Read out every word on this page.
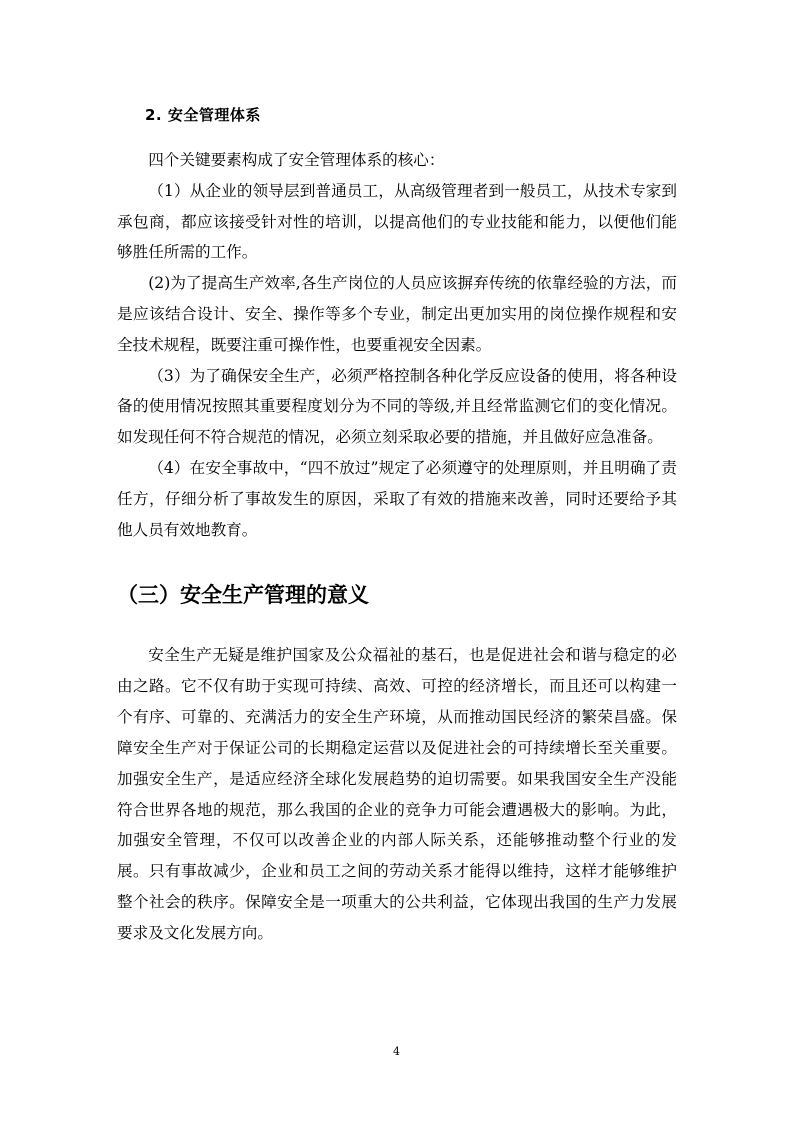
2. 安全管理体系

四个关键要素构成了安全管理体系的核心：

（1）从企业的领导层到普通员工，从高级管理者到一般员工，从技术专家到承包商，都应该接受针对性的培训，以提高他们的专业技能和能力，以便他们能够胜任所需的工作。

(2)为了提高生产效率,各生产岗位的人员应该摒弃传统的依靠经验的方法，而是应该结合设计、安全、操作等多个专业，制定出更加实用的岗位操作规程和安全技术规程，既要注重可操作性，也要重视安全因素。

（3）为了确保安全生产，必须严格控制各种化学反应设备的使用，将各种设备的使用情况按照其重要程度划分为不同的等级,并且经常监测它们的变化情况。如发现任何不符合规范的情况，必须立刻采取必要的措施，并且做好应急准备。

（4）在安全事故中，“四不放过”规定了必须遵守的处理原则，并且明确了责任方，仔细分析了事故发生的原因，采取了有效的措施来改善，同时还要给予其他人员有效地教育。

（三）安全生产管理的意义

安全生产无疑是维护国家及公众福祉的基石，也是促进社会和谐与稳定的必由之路。它不仅有助于实现可持续、高效、可控的经济增长，而且还可以构建一个有序、可靠的、充满活力的安全生产环境，从而推动国民经济的繁荣昌盛。保障安全生产对于保证公司的长期稳定运营以及促进社会的可持续增长至关重要。加强安全生产，是适应经济全球化发展趋势的迫切需要。如果我国安全生产没能符合世界各地的规范，那么我国的企业的竞争力可能会遭遇极大的影响。为此，加强安全管理，不仅可以改善企业的内部人际关系，还能够推动整个行业的发展。只有事故减少，企业和员工之间的劳动关系才能得以维持，这样才能够维护整个社会的秩序。保障安全是一项重大的公共利益，它体现出我国的生产力发展要求及文化发展方向。

4
